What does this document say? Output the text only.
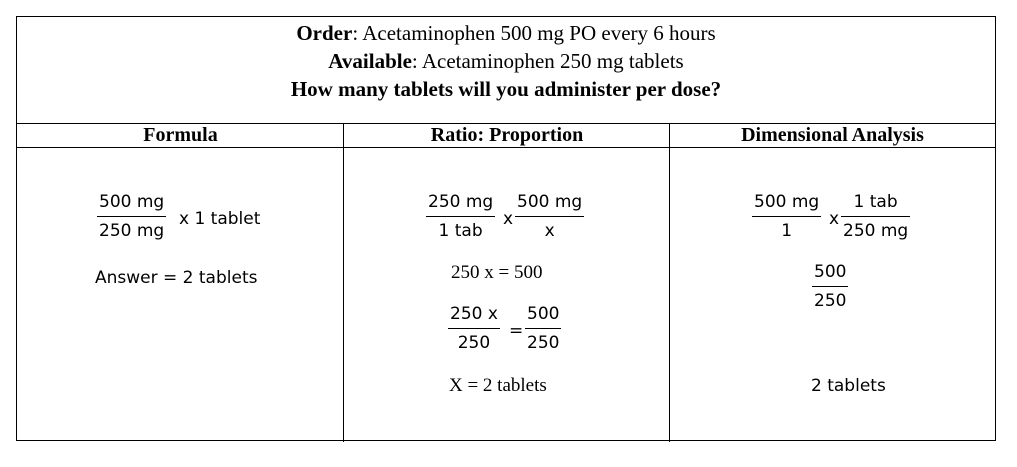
Order: Acetaminophen 500 mg PO every 6 hours
Available: Acetaminophen 250 mg tablets
How many tablets will you administer per dose?
Formula	Ratio: Proportion	Dimensional Analysis
500 mg
250 mg
x 1 tablet
Answer = 2 tablets
250 mg
1 tab
x
500 mg
x
250 x = 500
250 x
250
=
500
250
X = 2 tablets
500 mg
1
x
1 tab
250 mg
500
250
2 tablets
